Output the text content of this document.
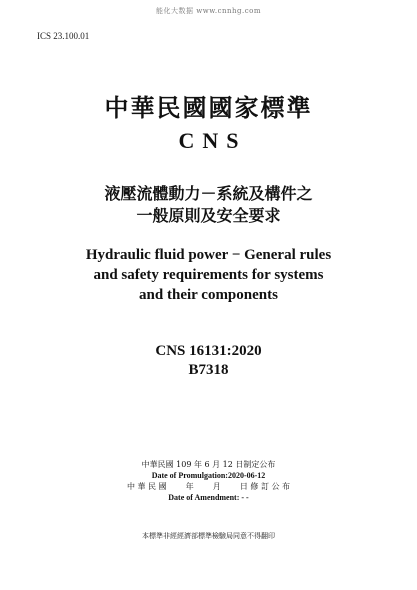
能化大数据 www.cnnhg.com
ICS 23.100.01
中華民國國家標準
CNS
液壓流體動力－系統及構件之
一般原則及安全要求
Hydraulic fluid power − General rules
and safety requirements for systems
and their components
CNS 16131:2020
B7318
中華民國 109 年 6 月 12 日制定公布
Date of Promulgation:2020-06-12
中 華 民 國 年 月 日 修 訂 公 布
Date of Amendment: - -
本標準非經經濟部標準檢驗局同意不得翻印
